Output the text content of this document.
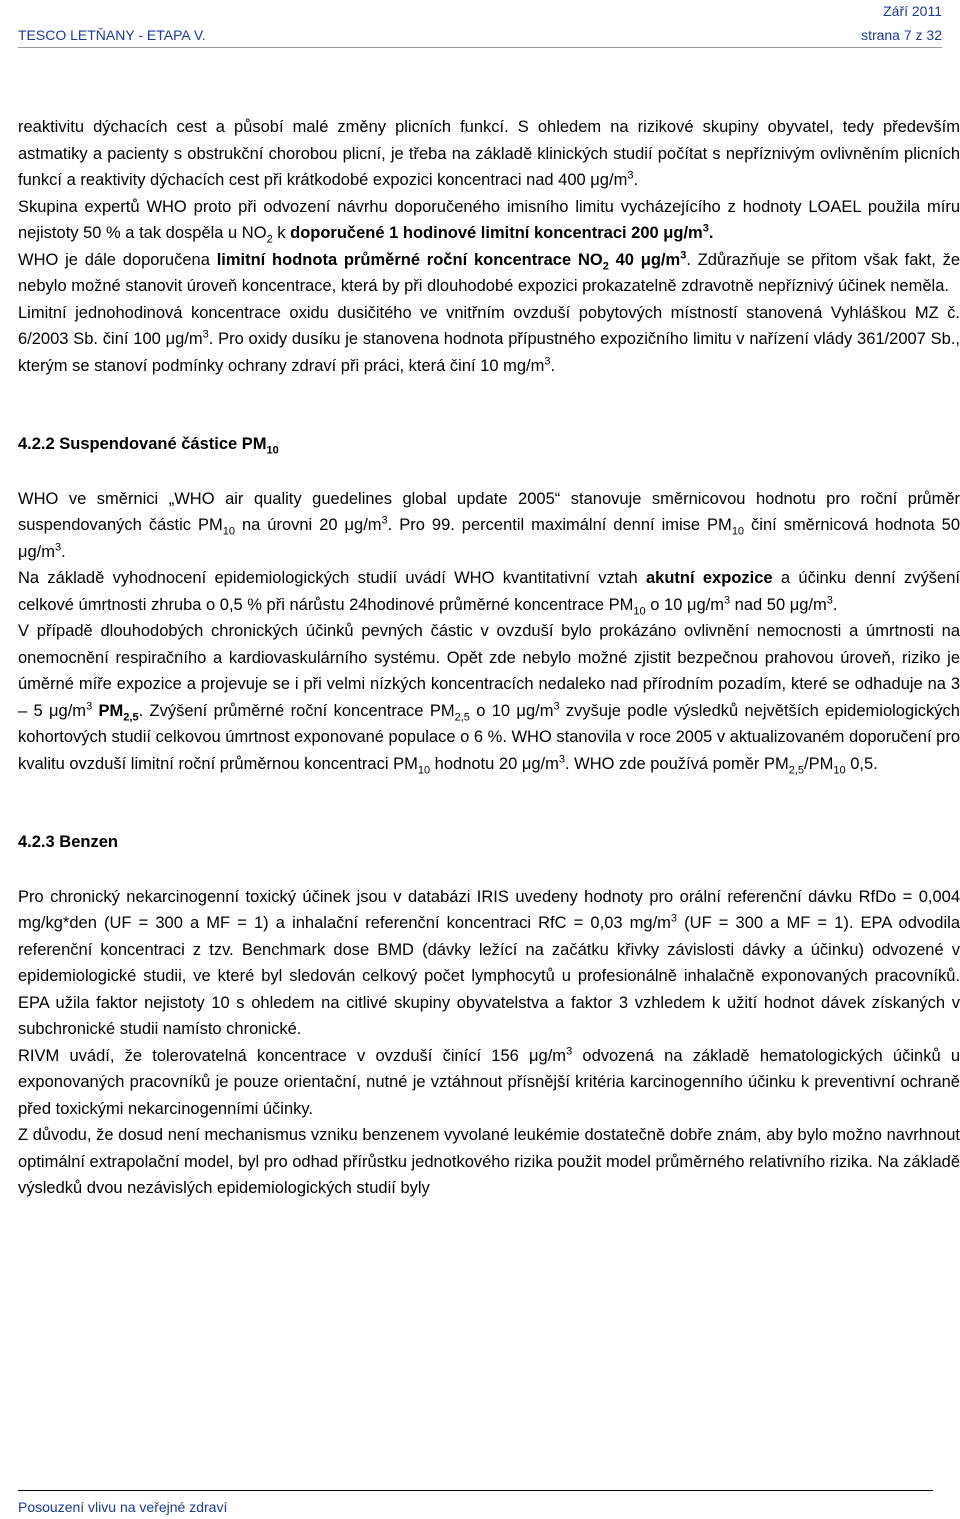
Září 2011
TESCO LETŇANY - ETAPA V.	strana 7 z 32

reaktivitu dýchacích cest a působí malé změny plicních funkcí. S ohledem na rizikové skupiny obyvatel, tedy především astmatiky a pacienty s obstrukční chorobou plicní, je třeba na základě klinických studií počítat s nepříznivým ovlivněním plicních funkcí a reaktivity dýchacích cest při krátkodobé expozici koncentraci nad 400 $\mu g/m^3$.

Skupina expertů WHO proto při odvození návrhu doporučeného imisního limitu vycházejícího z hodnoty LOAEL použila míru nejistoty 50 % a tak dospěla u $NO_2$ k doporučené 1 hodinové limitní koncentraci 200 $\mu g/m^3$.

WHO je dále doporučena limitní hodnota průměrné roční koncentrace $NO_2$ 40 $\mu g/m^3$. Zdůrazňuje se přitom však fakt, že nebylo možné stanovit úroveň koncentrace, která by při dlouhodobé expozici prokazatelně zdravotně nepříznivý účinek neměla.

Limitní jednohodinová koncentrace oxidu dusičitého ve vnitřním ovzduší pobytových místností stanovená Vyhláškou MZ č. 6/2003 Sb. činí 100 $\mu g/m^3$. Pro oxidy dusíku je stanovena hodnota přípustného expozičního limitu v nařízení vlády 361/2007 Sb., kterým se stanoví podmínky ochrany zdraví při práci, která činí 10 $mg/m^3$.

4.2.2 Suspendované částice $PM_{10}$

WHO ve směrnici „WHO air quality guedelines global update 2005“ stanovuje směrnicovou hodnotu pro roční průměr suspendovaných částic $PM_{10}$ na úrovni 20 $\mu g/m^3$. Pro 99. percentil maximální denní imise $PM_{10}$ činí směrnicová hodnota 50 $\mu g/m^3$.

Na základě vyhodnocení epidemiologických studií uvádí WHO kvantitativní vztah akutní expozice a účinku denní zvýšení celkové úmrtnosti zhruba o 0,5 % při nárůstu 24hodinové průměrné koncentrace $PM_{10}$ o 10 $\mu g/m^3$ nad 50 $\mu g/m^3$.

V případě dlouhodobých chronických účinků pevných částic v ovzduší bylo prokázáno ovlivnění nemocnosti a úmrtnosti na onemocnění respiračního a kardiovaskulárního systému. Opět zde nebylo možné zjistit bezpečnou prahovou úroveň, riziko je úměrné míře expozice a projevuje se i při velmi nízkých koncentracích nedaleko nad přírodním pozadím, které se odhaduje na 3 – 5 $\mu g/m^3$ $PM_{2,5}$. Zvýšení průměrné roční koncentrace $PM_{2,5}$ o 10 $\mu g/m^3$ zvyšuje podle výsledků největších epidemiologických kohortových studií celkovou úmrtnost exponované populace o 6 %. WHO stanovila v roce 2005 v aktualizovaném doporučení pro kvalitu ovzduší limitní roční průměrnou koncentraci $PM_{10}$ hodnotu 20 $\mu g/m^3$. WHO zde používá poměr $PM_{2,5}/PM_{10}$ 0,5.

4.2.3 Benzen

Pro chronický nekarcinogenní toxický účinek jsou v databázi IRIS uvedeny hodnoty pro orální referenční dávku RfDo = 0,004 mg/kg*den (UF = 300 a MF = 1) a inhalační referenční koncentraci RfC = 0,03 $mg/m^3$ (UF = 300 a MF = 1). EPA odvodila referenční koncentraci z tzv. Benchmark dose BMD (dávky ležící na začátku křivky závislosti dávky a účinku) odvozené v epidemiologické studii, ve které byl sledován celkový počet lymphocytů u profesionálně inhalačně exponovaných pracovníků. EPA užila faktor nejistoty 10 s ohledem na citlivé skupiny obyvatelstva a faktor 3 vzhledem k užití hodnot dávek získaných v subchronické studii namísto chronické.

RIVM uvádí, že tolerovatelná koncentrace v ovzduší činící 156 $\mu g/m^3$ odvozená na základě hematologických účinků u exponovaných pracovníků je pouze orientační, nutné je vztáhnout přísnější kritéria karcinogenního účinku k preventivní ochraně před toxickými nekarcinogenními účinky.

Z důvodu, že dosud není mechanismus vzniku benzenem vyvolané leukémie dostatečně dobře znám, aby bylo možno navrhnout optimální extrapolační model, byl pro odhad přírůstku jednotkového rizika použit model průměrného relativního rizika. Na základě výsledků dvou nezávislých epidemiologických studií byly

Posouzení vlivu na veřejné zdraví
